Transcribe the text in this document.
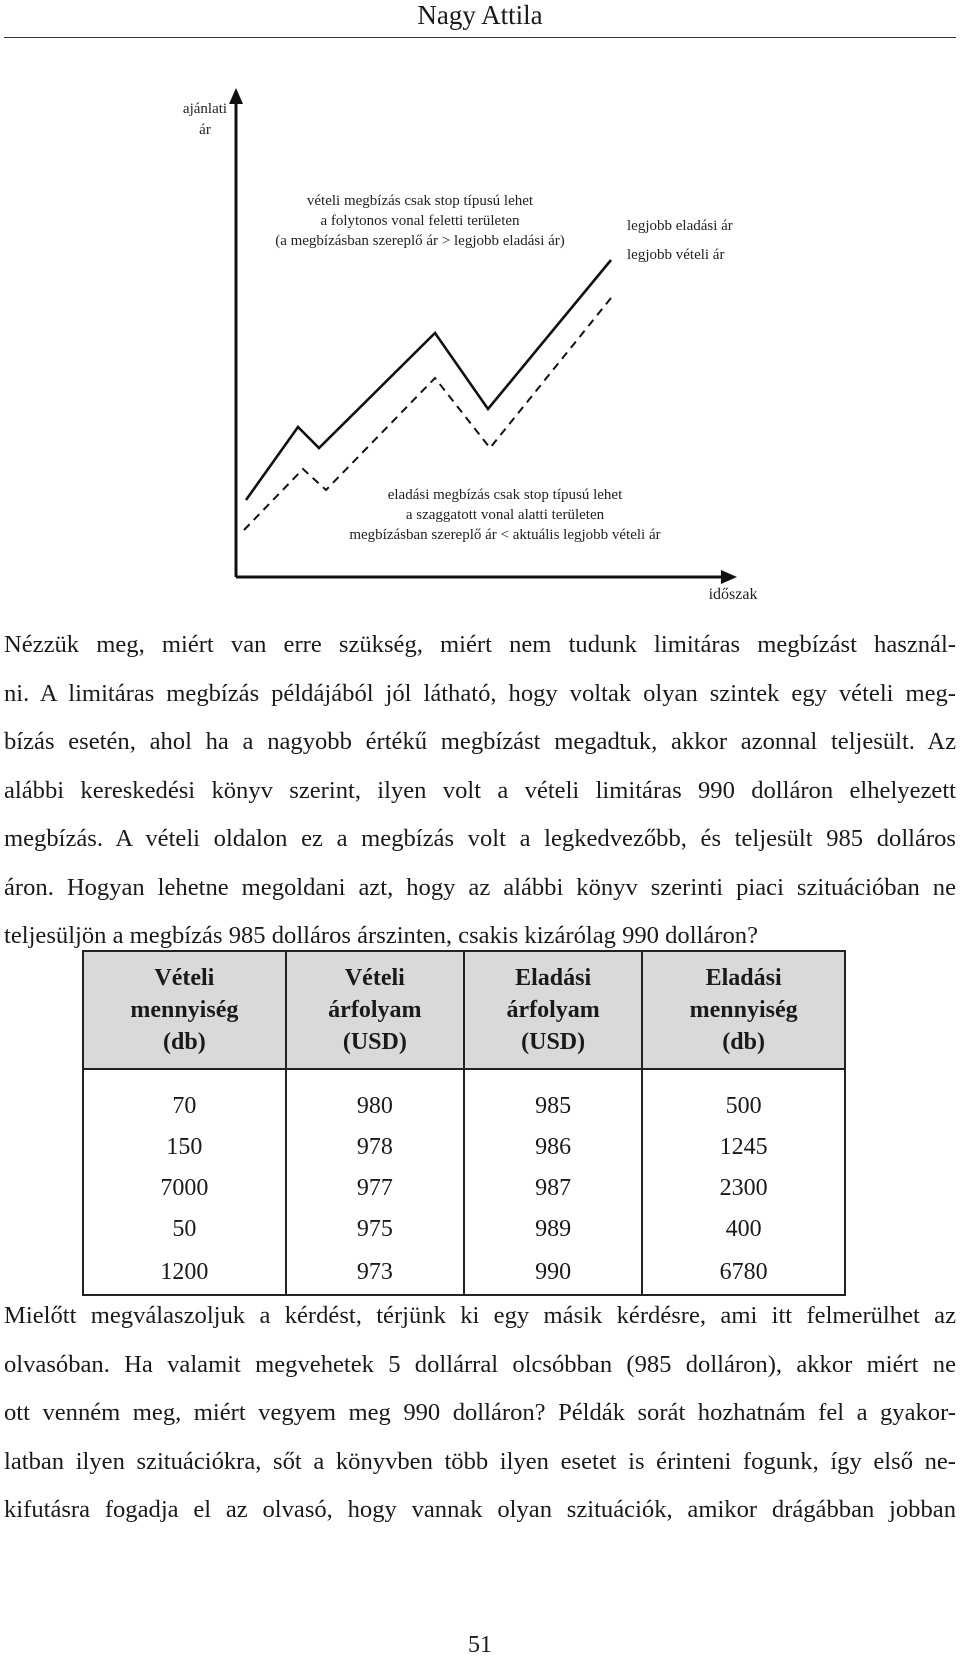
Nagy Attila
ajánlati
ár
vételi megbízás csak stop típusú lehet
a folytonos vonal feletti területen
(a megbízásban szereplő ár > legjobb eladási ár)
legjobb eladási ár
legjobb vételi ár
eladási megbízás csak stop típusú lehet
a szaggatott vonal alatti területen
megbízásban szereplő ár < aktuális legjobb vételi ár
időszak
Nézzük meg, miért van erre szükség, miért nem tudunk limitáras megbízást használ-
ni. A limitáras megbízás példájából jól látható, hogy voltak olyan szintek egy vételi meg-
bízás esetén, ahol ha a nagyobb értékű megbízást megadtuk, akkor azonnal teljesült. Az
alábbi kereskedési könyv szerint, ilyen volt a vételi limitáras 990 dolláron elhelyezett
megbízás. A vételi oldalon ez a megbízás volt a legkedvezőbb, és teljesült 985 dolláros
áron. Hogyan lehetne megoldani azt, hogy az alábbi könyv szerinti piaci szituációban ne
teljesüljön a megbízás 985 dolláros árszinten, csakis kizárólag 990 dolláron?
Vételi
mennyiség
(db)	Vételi
árfolyam
(USD)	Eladási
árfolyam
(USD)	Eladási
mennyiség
(db)

70	980	985	500
150	978	986	1245
7000	977	987	2300
50	975	989	400
1200	973	990	6780
Mielőtt megválaszoljuk a kérdést, térjünk ki egy másik kérdésre, ami itt felmerülhet az
olvasóban. Ha valamit megvehetek 5 dollárral olcsóbban (985 dolláron), akkor miért ne
ott venném meg, miért vegyem meg 990 dolláron? Példák sorát hozhatnám fel a gyakor-
latban ilyen szituációkra, sőt a könyvben több ilyen esetet is érinteni fogunk, így első ne-
kifutásra fogadja el az olvasó, hogy vannak olyan szituációk, amikor drágábban jobban
51
